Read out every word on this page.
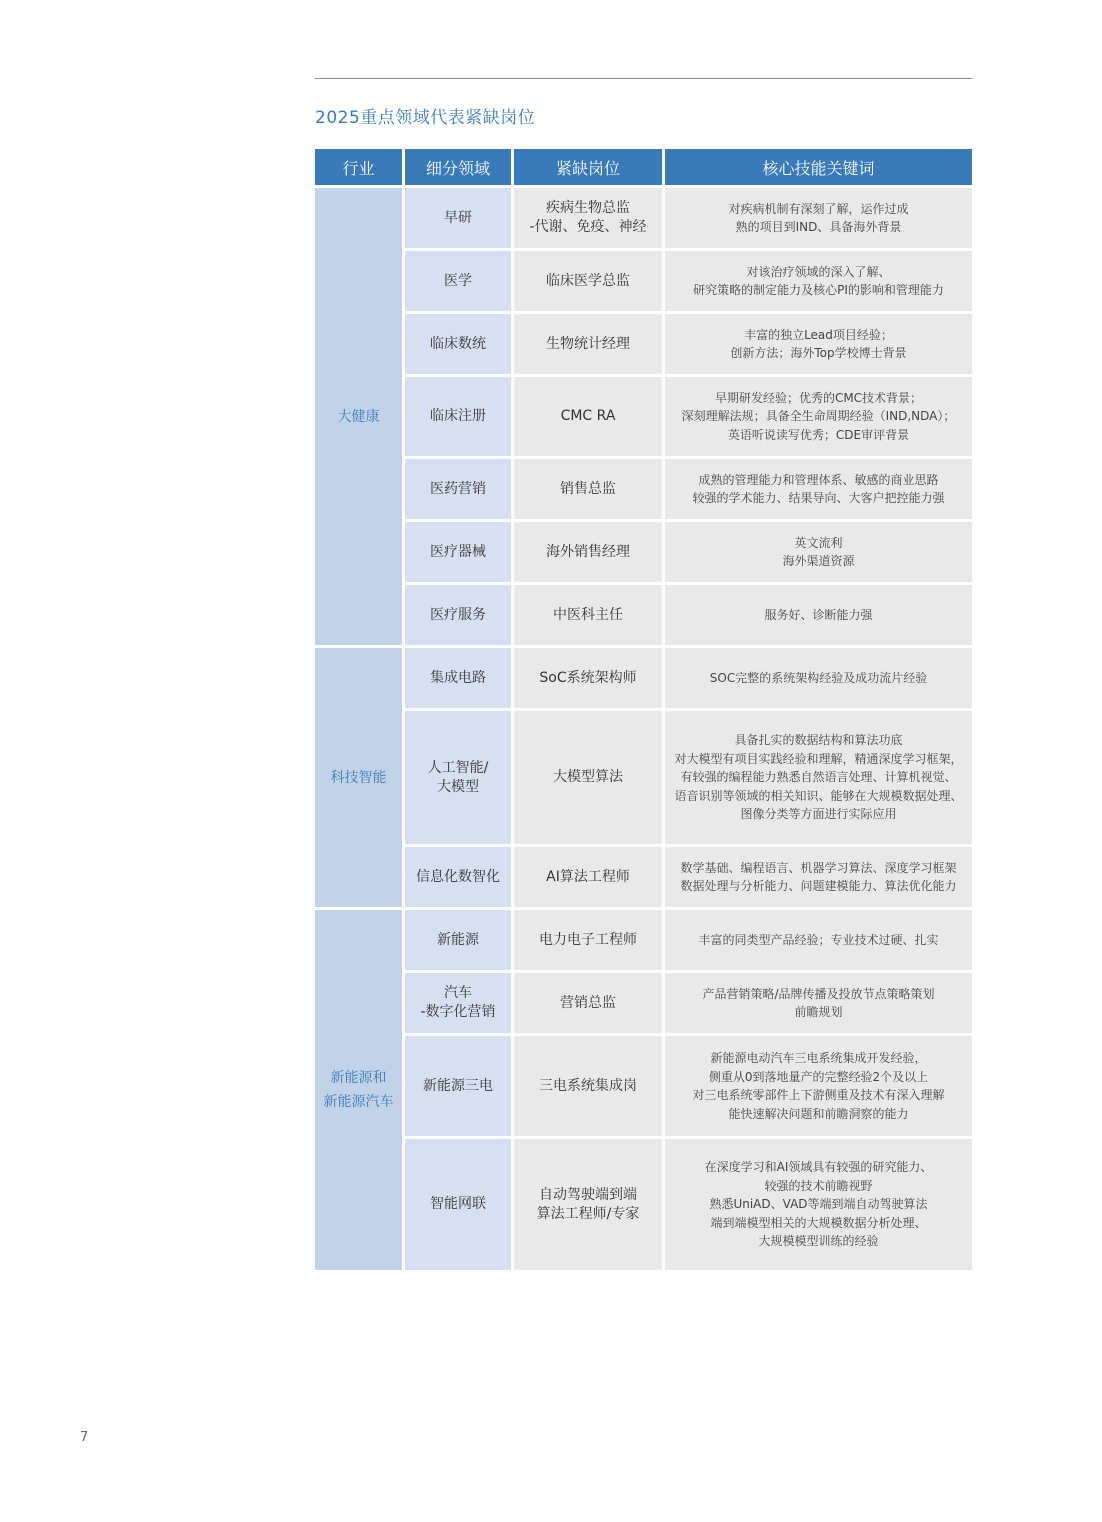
2025重点领域代表紧缺岗位
行业	细分领域	紧缺岗位	核心技能关键词

大健康	早研	疾病生物总监
-代谢、免疫、神经	对疾病机制有深刻了解，运作过成
熟的项目到IND、具备海外背景

	医学	临床医学总监	对该治疗领域的深入了解、
研究策略的制定能力及核心PI的影响和管理能力

	临床数统	生物统计经理	丰富的独立Lead项目经验；
创新方法；海外Top学校博士背景

	临床注册	CMC RA	早期研发经验；优秀的CMC技术背景；
深刻理解法规；具备全生命周期经验（IND,NDA）；
英语听说读写优秀；CDE审评背景

	医药营销	销售总监	成熟的管理能力和管理体系、敏感的商业思路
较强的学术能力、结果导向、大客户把控能力强

	医疗器械	海外销售经理	英文流利
海外渠道资源

	医疗服务	中医科主任	服务好、诊断能力强

科技智能	集成电路	SoC系统架构师	SOC完整的系统架构经验及成功流片经验

	人工智能/
大模型	大模型算法	具备扎实的数据结构和算法功底
对大模型有项目实践经验和理解，精通深度学习框架，
有较强的编程能力熟悉自然语言处理、计算机视觉、
语音识别等领域的相关知识、能够在大规模数据处理、
图像分类等方面进行实际应用

	信息化数智化	AI算法工程师	数学基础、编程语言、机器学习算法、深度学习框架
数据处理与分析能力、问题建模能力、算法优化能力

新能源和
新能源汽车	新能源	电力电子工程师	丰富的同类型产品经验；专业技术过硬、扎实

	汽车
-数字化营销	营销总监	产品营销策略/品牌传播及投放节点策略策划
前瞻规划

	新能源三电	三电系统集成岗	新能源电动汽车三电系统集成开发经验，
侧重从0到落地量产的完整经验2个及以上
对三电系统零部件上下游侧重及技术有深入理解
能快速解决问题和前瞻洞察的能力

	智能网联	自动驾驶端到端
算法工程师/专家	在深度学习和AI领域具有较强的研究能力、
较强的技术前瞻视野
熟悉UniAD、VAD等端到端自动驾驶算法
端到端模型相关的大规模数据分析处理、
大规模模型训练的经验
7
